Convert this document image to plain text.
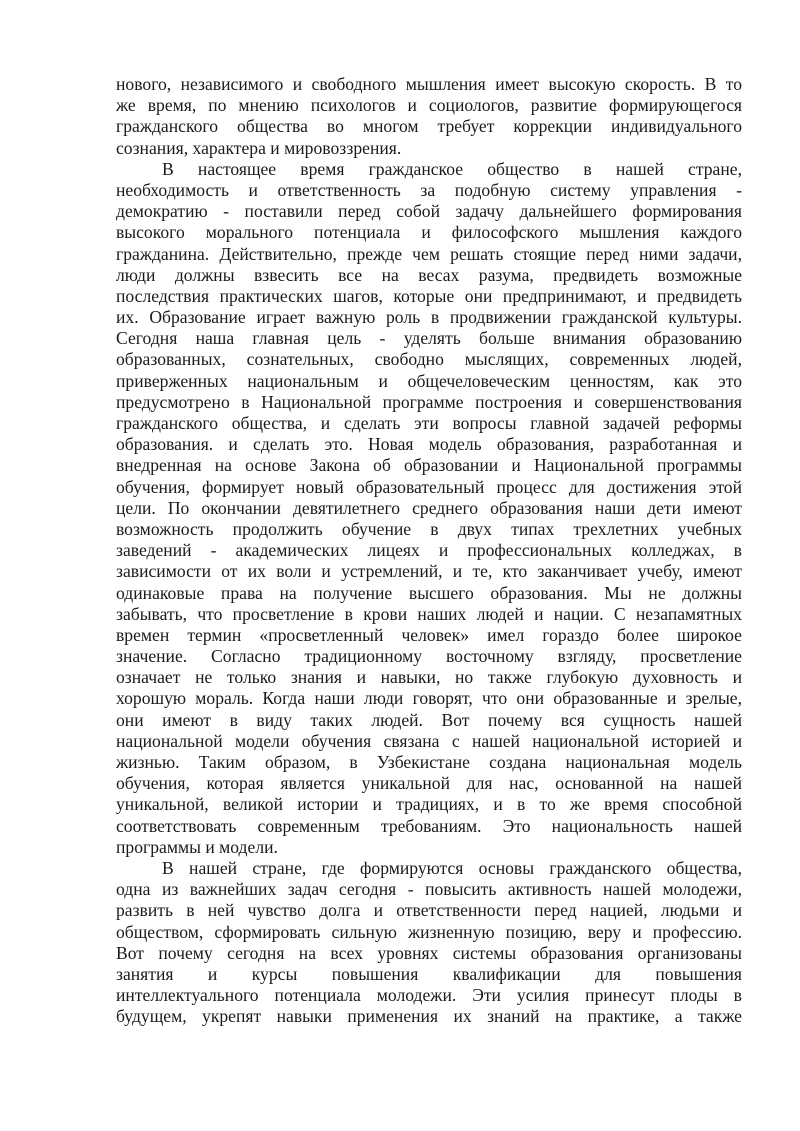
нового, независимого и свободного мышления имеет высокую скорость. В то
же время, по мнению психологов и социологов, развитие формирующегося
гражданского общества во многом требует коррекции индивидуального
сознания, характера и мировоззрения.
В настоящее время гражданское общество в нашей стране,
необходимость и ответственность за подобную систему управления -
демократию - поставили перед собой задачу дальнейшего формирования
высокого морального потенциала и философского мышления каждого
гражданина. Действительно, прежде чем решать стоящие перед ними задачи,
люди должны взвесить все на весах разума, предвидеть возможные
последствия практических шагов, которые они предпринимают, и предвидеть
их. Образование играет важную роль в продвижении гражданской культуры.
Сегодня наша главная цель - уделять больше внимания образованию
образованных, сознательных, свободно мыслящих, современных людей,
приверженных национальным и общечеловеческим ценностям, как это
предусмотрено в Национальной программе построения и совершенствования
гражданского общества, и сделать эти вопросы главной задачей реформы
образования. и сделать это. Новая модель образования, разработанная и
внедренная на основе Закона об образовании и Национальной программы
обучения, формирует новый образовательный процесс для достижения этой
цели. По окончании девятилетнего среднего образования наши дети имеют
возможность продолжить обучение в двух типах трехлетних учебных
заведений - академических лицеях и профессиональных колледжах, в
зависимости от их воли и устремлений, и те, кто заканчивает учебу, имеют
одинаковые права на получение высшего образования. Мы не должны
забывать, что просветление в крови наших людей и нации. С незапамятных
времен термин «просветленный человек» имел гораздо более широкое
значение. Согласно традиционному восточному взгляду, просветление
означает не только знания и навыки, но также глубокую духовность и
хорошую мораль. Когда наши люди говорят, что они образованные и зрелые,
они имеют в виду таких людей. Вот почему вся сущность нашей
национальной модели обучения связана с нашей национальной историей и
жизнью. Таким образом, в Узбекистане создана национальная модель
обучения, которая является уникальной для нас, основанной на нашей
уникальной, великой истории и традициях, и в то же время способной
соответствовать современным требованиям. Это национальность нашей
программы и модели.
В нашей стране, где формируются основы гражданского общества,
одна из важнейших задач сегодня - повысить активность нашей молодежи,
развить в ней чувство долга и ответственности перед нацией, людьми и
обществом, сформировать сильную жизненную позицию, веру и профессию.
Вот почему сегодня на всех уровнях системы образования организованы
занятия и курсы повышения квалификации для повышения
интеллектуального потенциала молодежи. Эти усилия принесут плоды в
будущем, укрепят навыки применения их знаний на практике, а также
